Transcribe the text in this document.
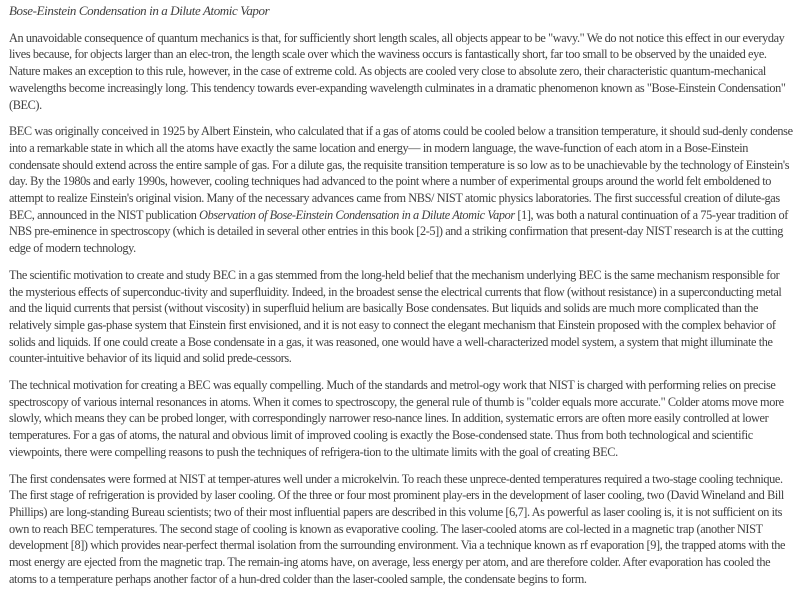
Bose-Einstein Condensation in a Dilute Atomic Vapor

An unavoidable consequence of quantum mechanics is that, for sufficiently short length scales, all objects appear to be "wavy." We do not notice this effect in our everyday lives because, for objects larger than an elec-tron, the length scale over which the waviness occurs is fantastically short, far too small to be observed by the unaided eye. Nature makes an exception to this rule, however, in the case of extreme cold. As objects are cooled very close to absolute zero, their characteristic quantum-mechanical wavelengths become increasingly long. This tendency towards ever-expanding wavelength culminates in a dramatic phenomenon known as "Bose-Einstein Condensation" (BEC).

BEC was originally conceived in 1925 by Albert Einstein, who calculated that if a gas of atoms could be cooled below a transition temperature, it should sud-denly condense into a remarkable state in which all the atoms have exactly the same location and energy— in modern language, the wave-function of each atom in a Bose-Einstein condensate should extend across the entire sample of gas. For a dilute gas, the requisite transition temperature is so low as to be unachievable by the technology of Einstein's day. By the 1980s and early 1990s, however, cooling techniques had advanced to the point where a number of experimental groups around the world felt emboldened to attempt to realize Einstein's original vision. Many of the necessary advances came from NBS/ NIST atomic physics laboratories. The first successful creation of dilute-gas BEC, announced in the NIST publication Observation of Bose-Einstein Condensation in a Dilute Atomic Vapor [1], was both a natural continuation of a 75-year tradition of NBS pre-eminence in spectroscopy (which is detailed in several other entries in this book [2-5]) and a striking confirmation that present-day NIST research is at the cutting edge of modern technology.

The scientific motivation to create and study BEC in a gas stemmed from the long-held belief that the mechanism underlying BEC is the same mechanism responsible for the mysterious effects of superconduc-tivity and superfluidity. Indeed, in the broadest sense the electrical currents that flow (without resistance) in a superconducting metal and the liquid currents that persist (without viscosity) in superfluid helium are basically Bose condensates. But liquids and solids are much more complicated than the relatively simple gas-phase system that Einstein first envisioned, and it is not easy to connect the elegant mechanism that Einstein proposed with the complex behavior of solids and liquids. If one could create a Bose condensate in a gas, it was reasoned, one would have a well-characterized model system, a system that might illuminate the counter-intuitive behavior of its liquid and solid prede-cessors.

The technical motivation for creating a BEC was equally compelling. Much of the standards and metrol-ogy work that NIST is charged with performing relies on precise spectroscopy of various internal resonances in atoms. When it comes to spectroscopy, the general rule of thumb is "colder equals more accurate." Colder atoms move more slowly, which means they can be probed longer, with correspondingly narrower reso-nance lines. In addition, systematic errors are often more easily controlled at lower temperatures. For a gas of atoms, the natural and obvious limit of improved cooling is exactly the Bose-condensed state. Thus from both technological and scientific viewpoints, there were compelling reasons to push the techniques of refrigera-tion to the ultimate limits with the goal of creating BEC.

The first condensates were formed at NIST at temper-atures well under a microkelvin. To reach these unprece-dented temperatures required a two-stage cooling technique. The first stage of refrigeration is provided by laser cooling. Of the three or four most prominent play-ers in the development of laser cooling, two (David Wineland and Bill Phillips) are long-standing Bureau scientists; two of their most influential papers are described in this volume [6,7]. As powerful as laser cooling is, it is not sufficient on its own to reach BEC temperatures. The second stage of cooling is known as evaporative cooling. The laser-cooled atoms are col-lected in a magnetic trap (another NIST development [8]) which provides near-perfect thermal isolation from the surrounding environment. Via a technique known as rf evaporation [9], the trapped atoms with the most energy are ejected from the magnetic trap. The remain-ing atoms have, on average, less energy per atom, and are therefore colder. After evaporation has cooled the atoms to a temperature perhaps another factor of a hun-dred colder than the laser-cooled sample, the condensate begins to form.
